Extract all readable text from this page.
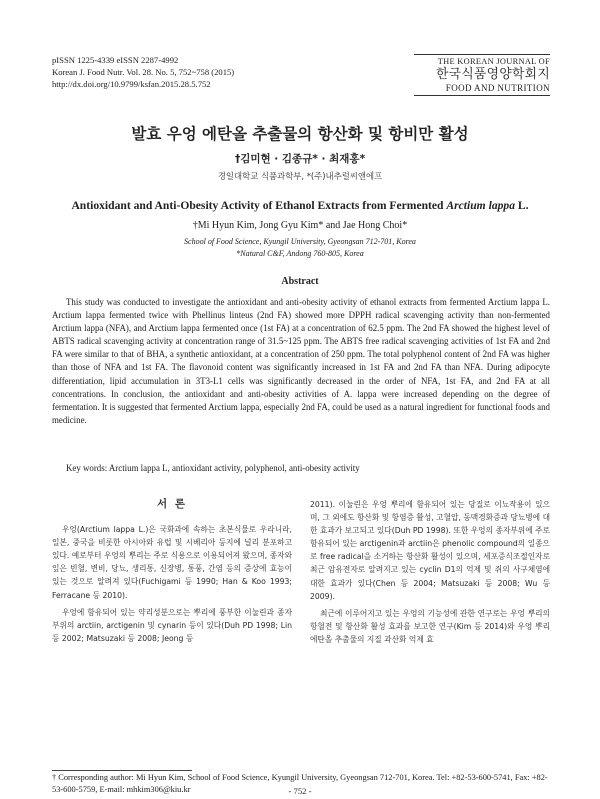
pISSN 1225-4339 eISSN 2287-4992
Korean J. Food Nutr. Vol. 28. No. 5, 752~758 (2015)
http://dx.doi.org/10.9799/ksfan.2015.28.5.752
THE KOREAN JOURNAL OF
한국식품영양학회지
FOOD AND NUTRITION
발효 우엉 에탄올 추출물의 항산화 및 항비만 활성
†김미현 · 김종규* · 최재홍*
경일대학교 식품과학부, *(주)내추럴씨앤에프
Antioxidant and Anti-Obesity Activity of Ethanol Extracts from Fermented Arctium lappa L.
†Mi Hyun Kim, Jong Gyu Kim* and Jae Hong Choi*
School of Food Science, Kyungil University, Gyeongsan 712-701, Korea
*Natural C&F, Andong 760-805, Korea
Abstract

This study was conducted to investigate the antioxidant and anti-obesity activity of ethanol extracts from fermented Arctium lappa L. Arctium lappa fermented twice with Phellinus linteus (2nd FA) showed more DPPH radical scavenging activity than non-fermented Arctium lappa (NFA), and Arctium lappa fermented once (1st FA) at a concentration of 62.5 ppm. The 2nd FA showed the highest level of ABTS radical scavenging activity at concentration range of 31.5~125 ppm. The ABTS free radical scavenging activities of 1st FA and 2nd FA were similar to that of BHA, a synthetic antioxidant, at a concentration of 250 ppm. The total polyphenol content of 2nd FA was higher than those of NFA and 1st FA. The flavonoid content was significantly increased in 1st FA and 2nd FA than NFA. During adipocyte differentiation, lipid accumulation in 3T3-L1 cells was significantly decreased in the order of NFA, 1st FA, and 2nd FA at all concentrations. In conclusion, the antioxidant and anti-obesity activities of A. lappa were increased depending on the degree of fermentation. It is suggested that fermented Arctium lappa, especially 2nd FA, could be used as a natural ingredient for functional foods and medicine.

Key words: Arctium lappa L, antioxidant activity, polyphenol, anti-obesity activity
서 론

우엉(Arctium lappa L.)은 국화과에 속하는 초본식물로 우라니라, 일본, 중국을 비롯한 아시아와 유럽 및 시베리아 등지에 널리 분포하고 있다. 예로부터 우엉의 뿌리는 주로 식용으로 이용되어져 왔으며, 종자와 잎은 빈혈, 변비, 당뇨, 생리통, 신장병, 통풍, 간염 등의 증상에 효능이 있는 것으로 알려져 있다(Fuchigami 등 1990; Han & Koo 1993; Ferracane 등 2010).

우엉에 함유되어 있는 약리성분으로는 뿌리에 풍부한 이눌린과 종자 부위의 arctiin, arctigenin 및 cynarin 등이 있다(Duh PD 1998; Lin 등 2002; Matsuzaki 등 2008; Jeong 등

2011). 이눌린은 우엉 뿌리에 함유되어 있는 당질로 이뇨작용이 있으며, 그 외에도 항산화 및 항염증 활성, 고혈압, 동맥경화증과 당뇨병에 대한 효과가 보고되고 있다(Duh PD 1998). 또한 우엉의 종자부위에 주로 함유되어 있는 arctigenin과 arctiin은 phenolic compound의 일종으로 free radical을 소거하는 항산화 활성이 있으며, 세포증식조절인자로 최근 암유전자로 알려지고 있는 cyclin D1의 억제 및 쥐의 사구체염에 대한 효과가 있다(Chen 등 2004; Matsuzaki 등 2008; Wu 등 2009).

최근에 이루어지고 있는 우엉의 기능성에 관한 연구로는 우엉 뿌리의 항혈전 및 항산화 활성 효과를 보고한 연구(Kim 등 2014)와 우엉 뿌리 에탄올 추출물의 지질 과산화 억제 효

† Corresponding author: Mi Hyun Kim, School of Food Science, Kyungil University, Gyeongsan 712-701, Korea. Tel: +82-53-600-5741, Fax: +82-53-600-5759, E-mail: mhkim306@kiu.kr	- 752 -
